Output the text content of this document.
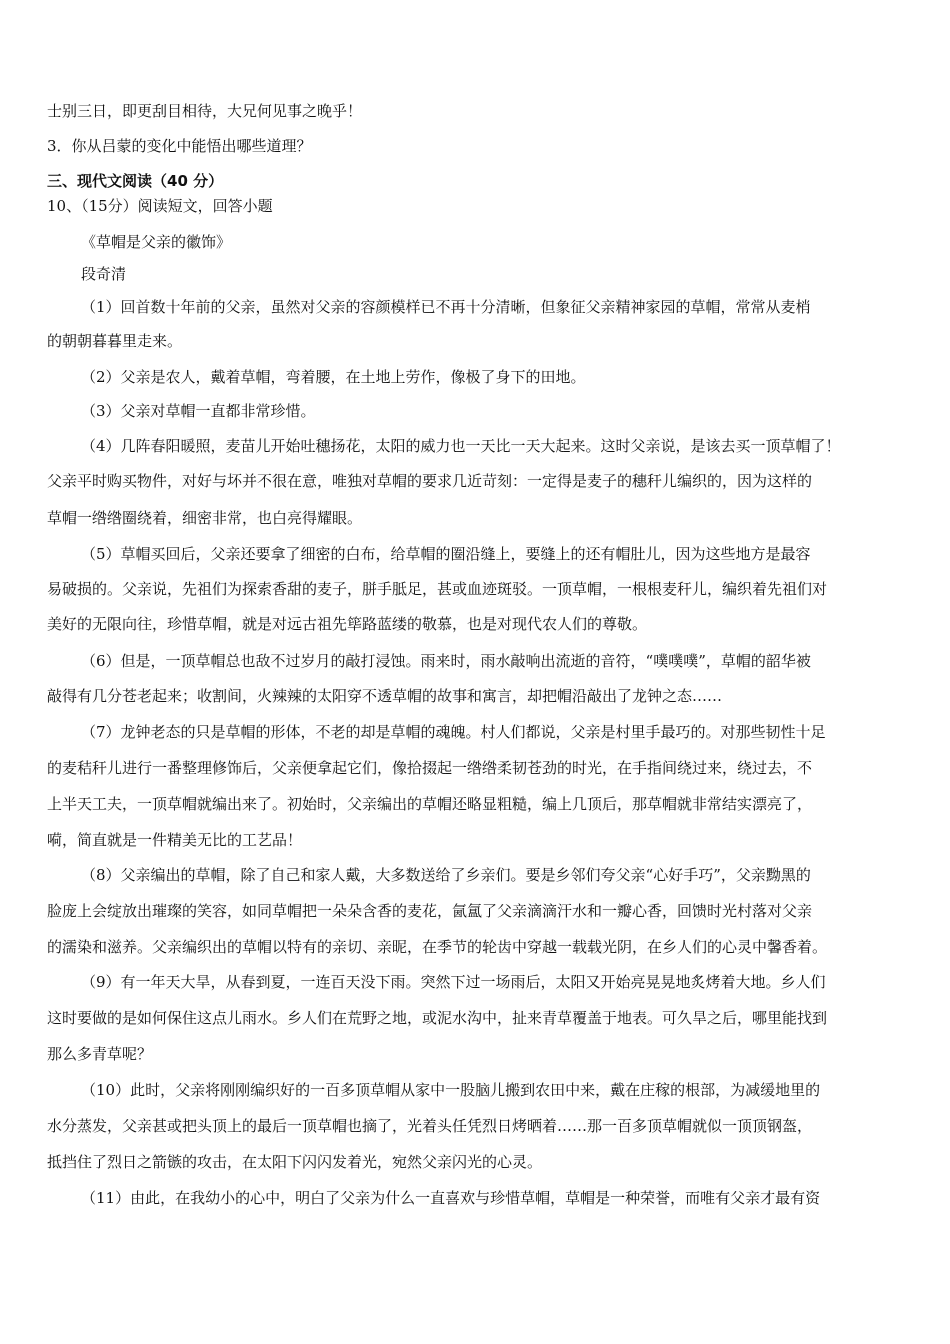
士别三日，即更刮目相待，大兄何见事之晚乎！
3．你从吕蒙的变化中能悟出哪些道理？
三、现代文阅读（40 分）
10、（15分）阅读短文，回答小题
《草帽是父亲的徽饰》
段奇清
（1）回首数十年前的父亲，虽然对父亲的容颜模样已不再十分清晰，但象征父亲精神家园的草帽，常常从麦梢
的朝朝暮暮里走来。
（2）父亲是农人，戴着草帽，弯着腰，在土地上劳作，像极了身下的田地。
（3）父亲对草帽一直都非常珍惜。
（4）几阵春阳暖照，麦苗儿开始吐穗扬花，太阳的威力也一天比一天大起来。这时父亲说，是该去买一顶草帽了！
父亲平时购买物件，对好与坏并不很在意，唯独对草帽的要求几近苛刻：一定得是麦子的穗秆儿编织的，因为这样的
草帽一绺绺圈绕着，细密非常，也白亮得耀眼。
（5）草帽买回后，父亲还要拿了细密的白布，给草帽的圈沿缝上，要缝上的还有帽肚儿，因为这些地方是最容
易破损的。父亲说，先祖们为探索香甜的麦子，胼手胝足，甚或血迹斑驳。一顶草帽，一根根麦秆儿，编织着先祖们对
美好的无限向往，珍惜草帽，就是对远古祖先筚路蓝缕的敬慕，也是对现代农人们的尊敬。
（6）但是，一顶草帽总也敌不过岁月的敲打浸蚀。雨来时，雨水敲响出流逝的音符，“噗噗噗”，草帽的韶华被
敲得有几分苍老起来；收割间，火辣辣的太阳穿不透草帽的故事和寓言，却把帽沿敲出了龙钟之态……
（7）龙钟老态的只是草帽的形体，不老的却是草帽的魂魄。村人们都说，父亲是村里手最巧的。对那些韧性十足
的麦秸秆儿进行一番整理修饰后，父亲便拿起它们，像拾掇起一绺绺柔韧苍劲的时光，在手指间绕过来，绕过去，不
上半天工夫，一顶草帽就编出来了。初始时，父亲编出的草帽还略显粗糙，编上几顶后，那草帽就非常结实漂亮了，
嗬，简直就是一件精美无比的工艺品！
（8）父亲编出的草帽，除了自己和家人戴，大多数送给了乡亲们。要是乡邻们夸父亲“心好手巧”，父亲黝黑的
脸庞上会绽放出璀璨的笑容，如同草帽把一朵朵含香的麦花，氤氲了父亲滴滴汗水和一瓣心香，回馈时光村落对父亲
的濡染和滋养。父亲编织出的草帽以特有的亲切、亲昵，在季节的轮齿中穿越一载载光阴，在乡人们的心灵中馨香着。
（9）有一年天大旱，从春到夏，一连百天没下雨。突然下过一场雨后，太阳又开始亮晃晃地炙烤着大地。乡人们
这时要做的是如何保住这点儿雨水。乡人们在荒野之地，或泥水沟中，扯来青草覆盖于地表。可久旱之后，哪里能找到
那么多青草呢？
（10）此时，父亲将刚刚编织好的一百多顶草帽从家中一股脑儿搬到农田中来，戴在庄稼的根部，为减缓地里的
水分蒸发，父亲甚或把头顶上的最后一顶草帽也摘了，光着头任凭烈日烤晒着……那一百多顶草帽就似一顶顶钢盔，
抵挡住了烈日之箭镞的攻击，在太阳下闪闪发着光，宛然父亲闪光的心灵。
（11）由此，在我幼小的心中，明白了父亲为什么一直喜欢与珍惜草帽，草帽是一种荣誉，而唯有父亲才最有资
